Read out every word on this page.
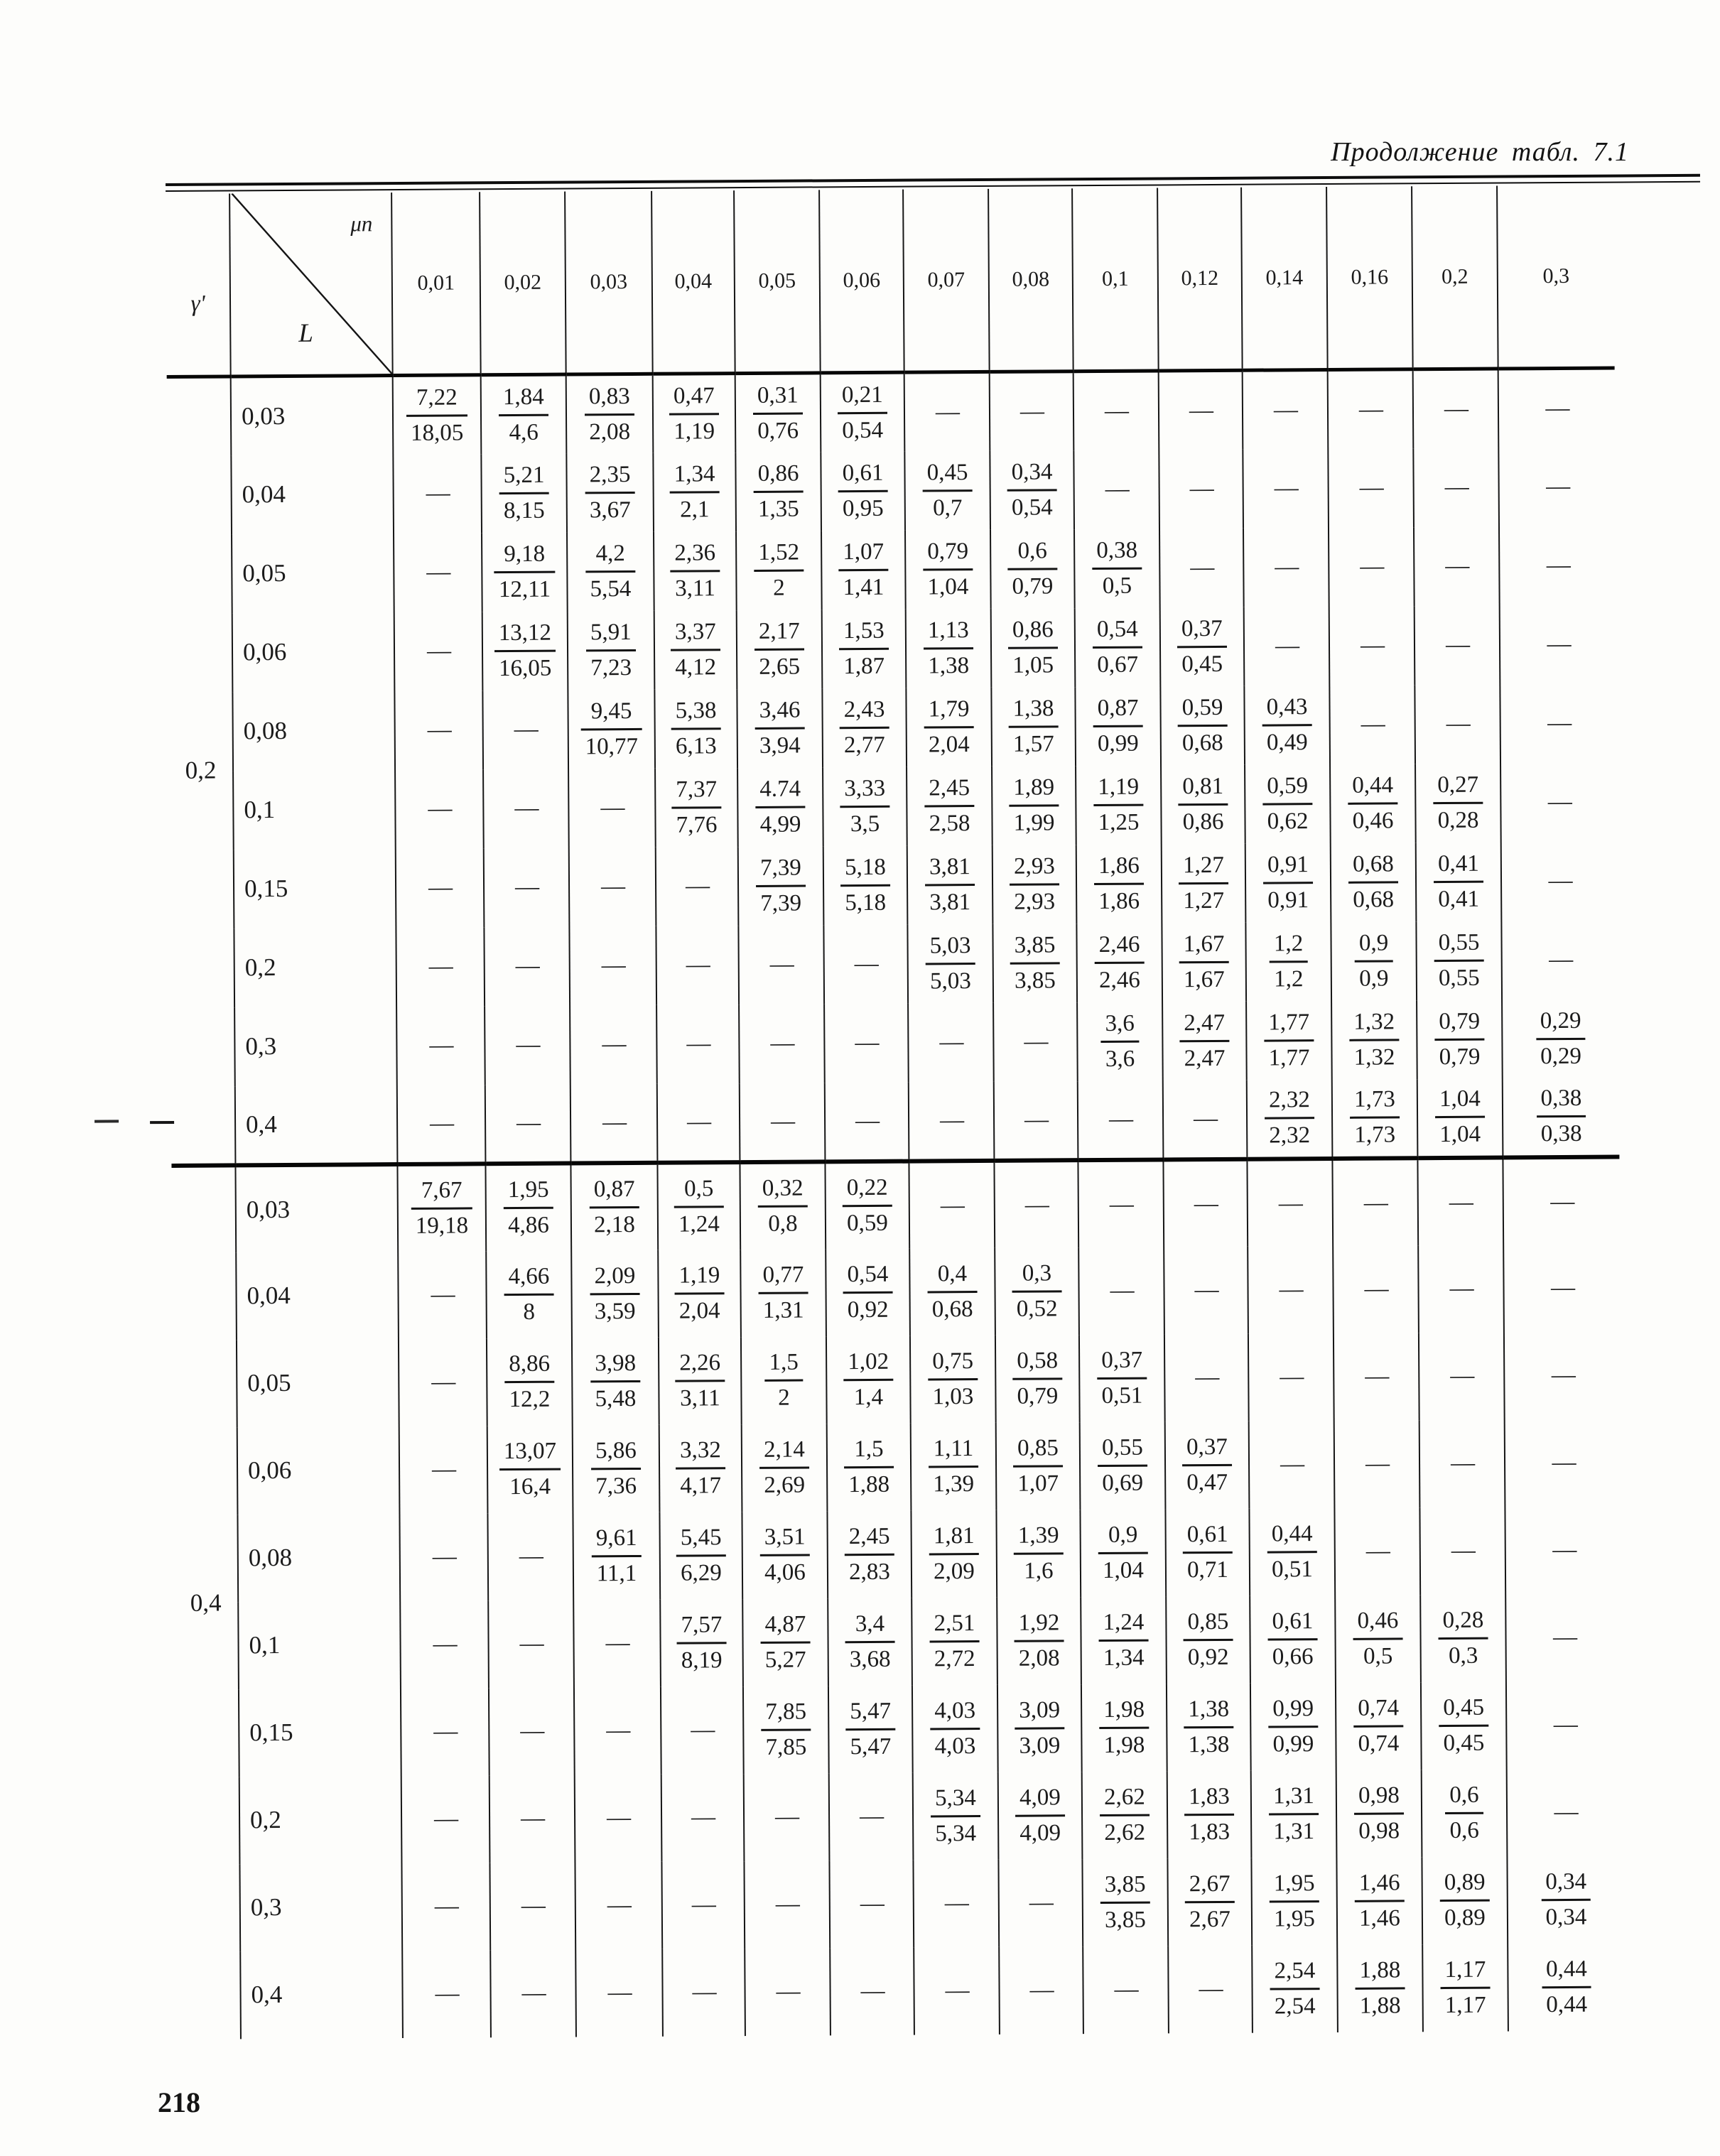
Продолжение табл. 7.1
γ'	μn
L	0,01	0,02	0,03	0,04	0,05	0,06	0,07	0,08	0,1	0,12	0,14	0,16	0,2	0,3
0,2	0,03	$\frac{7,22}{18,05}$	$\frac{1,84}{4,6}$	$\frac{0,83}{2,08}$	$\frac{0,47}{1,19}$	$\frac{0,31}{0,76}$	$\frac{0,21}{0,54}$	—	—	—	—	—	—	—	—
	0,04	—	$\frac{5,21}{8,15}$	$\frac{2,35}{3,67}$	$\frac{1,34}{2,1}$	$\frac{0,86}{1,35}$	$\frac{0,61}{0,95}$	$\frac{0,45}{0,7}$	$\frac{0,34}{0,54}$	—	—	—	—	—	—
	0,05	—	$\frac{9,18}{12,11}$	$\frac{4,2}{5,54}$	$\frac{2,36}{3,11}$	$\frac{1,52}{2}$	$\frac{1,07}{1,41}$	$\frac{0,79}{1,04}$	$\frac{0,6}{0,79}$	$\frac{0,38}{0,5}$	—	—	—	—	—
	0,06	—	$\frac{13,12}{16,05}$	$\frac{5,91}{7,23}$	$\frac{3,37}{4,12}$	$\frac{2,17}{2,65}$	$\frac{1,53}{1,87}$	$\frac{1,13}{1,38}$	$\frac{0,86}{1,05}$	$\frac{0,54}{0,67}$	$\frac{0,37}{0,45}$	—	—	—	—
	0,08	—	—	$\frac{9,45}{10,77}$	$\frac{5,38}{6,13}$	$\frac{3,46}{3,94}$	$\frac{2,43}{2,77}$	$\frac{1,79}{2,04}$	$\frac{1,38}{1,57}$	$\frac{0,87}{0,99}$	$\frac{0,59}{0,68}$	$\frac{0,43}{0,49}$	—	—	—
	0,1	—	—	—	$\frac{7,37}{7,76}$	$\frac{4.74}{4,99}$	$\frac{3,33}{3,5}$	$\frac{2,45}{2,58}$	$\frac{1,89}{1,99}$	$\frac{1,19}{1,25}$	$\frac{0,81}{0,86}$	$\frac{0,59}{0,62}$	$\frac{0,44}{0,46}$	$\frac{0,27}{0,28}$	—
	0,15	—	—	—	—	$\frac{7,39}{7,39}$	$\frac{5,18}{5,18}$	$\frac{3,81}{3,81}$	$\frac{2,93}{2,93}$	$\frac{1,86}{1,86}$	$\frac{1,27}{1,27}$	$\frac{0,91}{0,91}$	$\frac{0,68}{0,68}$	$\frac{0,41}{0,41}$	—
	0,2	—	—	—	—	—	—	$\frac{5,03}{5,03}$	$\frac{3,85}{3,85}$	$\frac{2,46}{2,46}$	$\frac{1,67}{1,67}$	$\frac{1,2}{1,2}$	$\frac{0,9}{0,9}$	$\frac{0,55}{0,55}$	—
	0,3	—	—	—	—	—	—	—	—	$\frac{3,6}{3,6}$	$\frac{2,47}{2,47}$	$\frac{1,77}{1,77}$	$\frac{1,32}{1,32}$	$\frac{0,79}{0,79}$	$\frac{0,29}{0,29}$

	0,4	—	—	—	—	—	—	—	—	—	—	$\frac{2,32}{2,32}$	$\frac{1,73}{1,73}$	$\frac{1,04}{1,04}$	$\frac{0,38}{0,38}$

0,4	0,03	$\frac{7,67}{19,18}$	$\frac{1,95}{4,86}$	$\frac{0,87}{2,18}$	$\frac{0,5}{1,24}$	$\frac{0,32}{0,8}$	$\frac{0,22}{0,59}$	—	—	—	—	—	—	—	—
	0,04	—	$\frac{4,66}{8}$	$\frac{2,09}{3,59}$	$\frac{1,19}{2,04}$	$\frac{0,77}{1,31}$	$\frac{0,54}{0,92}$	$\frac{0,4}{0,68}$	$\frac{0,3}{0,52}$	—	—	—	—	—	—
	0,05	—	$\frac{8,86}{12,2}$	$\frac{3,98}{5,48}$	$\frac{2,26}{3,11}$	$\frac{1,5}{2}$	$\frac{1,02}{1,4}$	$\frac{0,75}{1,03}$	$\frac{0,58}{0,79}$	$\frac{0,37}{0,51}$	—	—	—	—	—
	0,06	—	$\frac{13,07}{16,4}$	$\frac{5,86}{7,36}$	$\frac{3,32}{4,17}$	$\frac{2,14}{2,69}$	$\frac{1,5}{1,88}$	$\frac{1,11}{1,39}$	$\frac{0,85}{1,07}$	$\frac{0,55}{0,69}$	$\frac{0,37}{0,47}$	—	—	—	—
	0,08	—	—	$\frac{9,61}{11,1}$	$\frac{5,45}{6,29}$	$\frac{3,51}{4,06}$	$\frac{2,45}{2,83}$	$\frac{1,81}{2,09}$	$\frac{1,39}{1,6}$	$\frac{0,9}{1,04}$	$\frac{0,61}{0,71}$	$\frac{0,44}{0,51}$	—	—	—
	0,1	—	—	—	$\frac{7,57}{8,19}$	$\frac{4,87}{5,27}$	$\frac{3,4}{3,68}$	$\frac{2,51}{2,72}$	$\frac{1,92}{2,08}$	$\frac{1,24}{1,34}$	$\frac{0,85}{0,92}$	$\frac{0,61}{0,66}$	$\frac{0,46}{0,5}$	$\frac{0,28}{0,3}$	—
	0,15	—	—	—	—	$\frac{7,85}{7,85}$	$\frac{5,47}{5,47}$	$\frac{4,03}{4,03}$	$\frac{3,09}{3,09}$	$\frac{1,98}{1,98}$	$\frac{1,38}{1,38}$	$\frac{0,99}{0,99}$	$\frac{0,74}{0,74}$	$\frac{0,45}{0,45}$	—
	0,2	—	—	—	—	—	—	$\frac{5,34}{5,34}$	$\frac{4,09}{4,09}$	$\frac{2,62}{2,62}$	$\frac{1,83}{1,83}$	$\frac{1,31}{1,31}$	$\frac{0,98}{0,98}$	$\frac{0,6}{0,6}$	—
	0,3	—	—	—	—	—	—	—	—	$\frac{3,85}{3,85}$	$\frac{2,67}{2,67}$	$\frac{1,95}{1,95}$	$\frac{1,46}{1,46}$	$\frac{0,89}{0,89}$	$\frac{0,34}{0,34}$

	0,4	—	—	—	—	—	—	—	—	—	—	$\frac{2,54}{2,54}$	$\frac{1,88}{1,88}$	$\frac{1,17}{1,17}$	$\frac{0,44}{0,44}$
218
